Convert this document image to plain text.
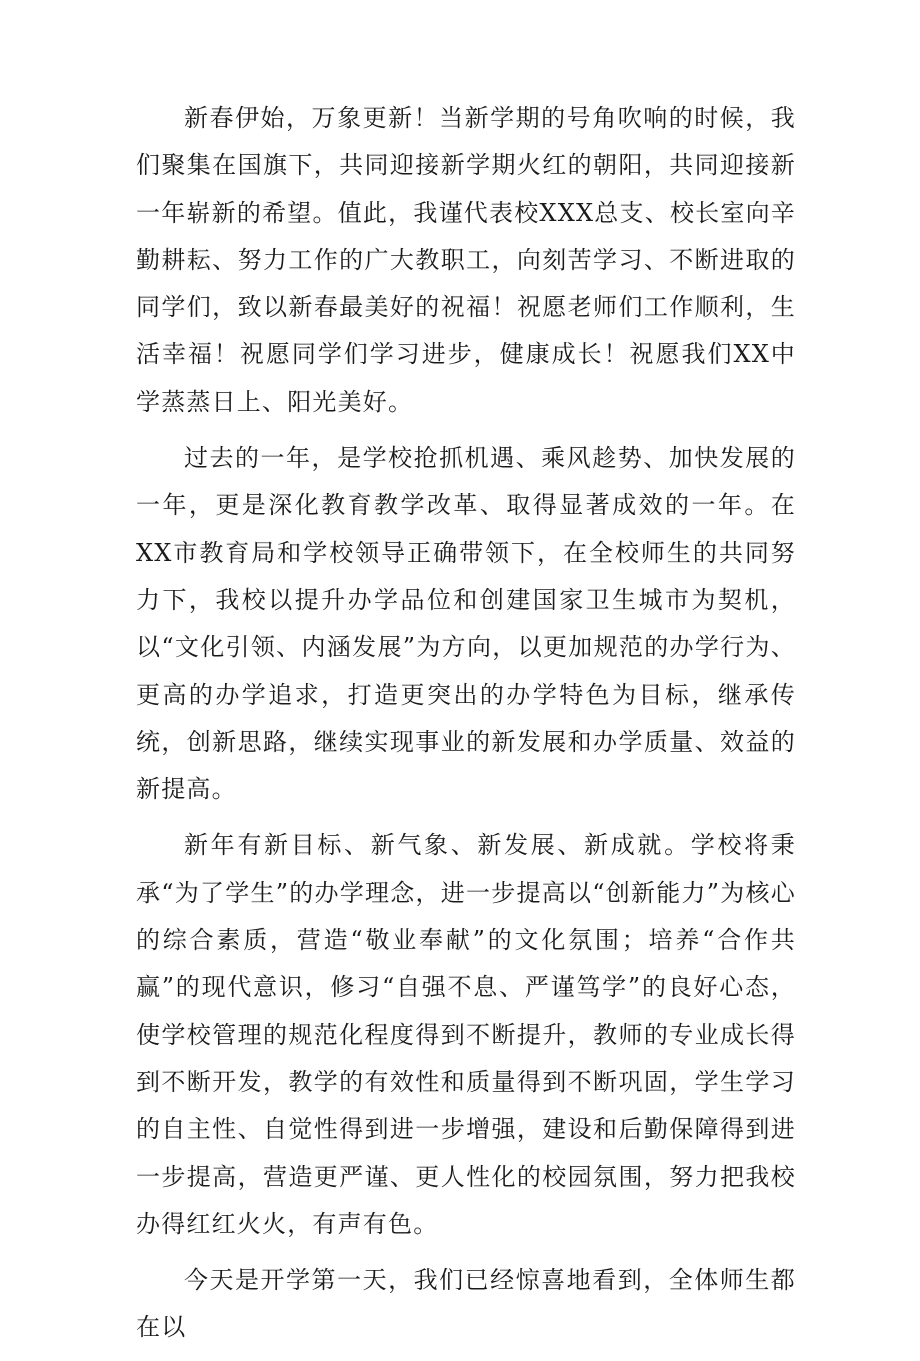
新春伊始，万象更新！当新学期的号角吹响的时候，我们聚集在国旗下，共同迎接新学期火红的朝阳，共同迎接新一年崭新的希望。值此，我谨代表校XXX总支、校长室向辛勤耕耘、努力工作的广大教职工，向刻苦学习、不断进取的同学们，致以新春最美好的祝福！祝愿老师们工作顺利，生活幸福！祝愿同学们学习进步，健康成长！祝愿我们XX中学蒸蒸日上、阳光美好。

过去的一年，是学校抢抓机遇、乘风趁势、加快发展的一年，更是深化教育教学改革、取得显著成效的一年。在XX市教育局和学校领导正确带领下，在全校师生的共同努力下，我校以提升办学品位和创建国家卫生城市为契机，以“文化引领、内涵发展”为方向，以更加规范的办学行为、更高的办学追求，打造更突出的办学特色为目标，继承传统，创新思路，继续实现事业的新发展和办学质量、效益的新提高。

新年有新目标、新气象、新发展、新成就。学校将秉承“为了学生”的办学理念，进一步提高以“创新能力”为核心的综合素质，营造“敬业奉献”的文化氛围；培养“合作共赢”的现代意识，修习“自强不息、严谨笃学”的良好心态，使学校管理的规范化程度得到不断提升，教师的专业成长得到不断开发，教学的有效性和质量得到不断巩固，学生学习的自主性、自觉性得到进一步增强，建设和后勤保障得到进一步提高，营造更严谨、更人性化的校园氛围，努力把我校办得红红火火，有声有色。

今天是开学第一天，我们已经惊喜地看到，全体师生都在以
